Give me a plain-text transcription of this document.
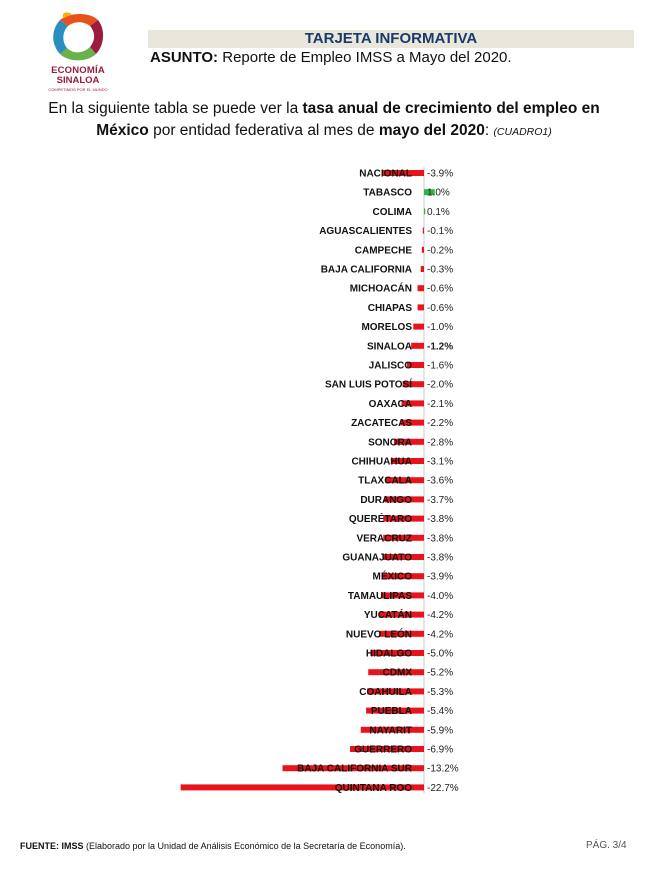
ECONOMÍA
SINALOA
COMPETIMOS POR EL MUNDO
TARJETA INFORMATIVA
ASUNTO: Reporte de Empleo IMSS a Mayo del 2020.
En la siguiente tabla se puede ver la tasa anual de crecimiento del empleo en
México por entidad federativa al mes de mayo del 2020: (CUADRO1)
NACIONAL -3.9%
TABASCO 1.0%
COLIMA 0.1%
AGUASCALIENTES -0.1%
CAMPECHE -0.2%
BAJA CALIFORNIA -0.3%
MICHOACÁN -0.6%
CHIAPAS -0.6%
MORELOS -1.0%
SINALOA -1.2%
JALISCO -1.6%
SAN LUIS POTOSÍ -2.0%
OAXACA -2.1%
ZACATECAS -2.2%
SONORA -2.8%
CHIHUAHUA -3.1%
TLAXCALA -3.6%
DURANGO -3.7%
QUERÉTARO -3.8%
VERACRUZ -3.8%
GUANAJUATO -3.8%
MÉXICO -3.9%
TAMAULIPAS -4.0%
YUCATÁN -4.2%
NUEVO LEÓN -4.2%
HIDALGO -5.0%
CDMX -5.2%
COAHUILA -5.3%
PUEBLA -5.4%
NAYARIT -5.9%
GUERRERO -6.9%
BAJA CALIFORNIA SUR -13.2%
QUINTANA ROO -22.7%
FUENTE: IMSS (Elaborado por la Unidad de Análisis Económico de la Secretaría de Economía).	PÁG. 3/4
